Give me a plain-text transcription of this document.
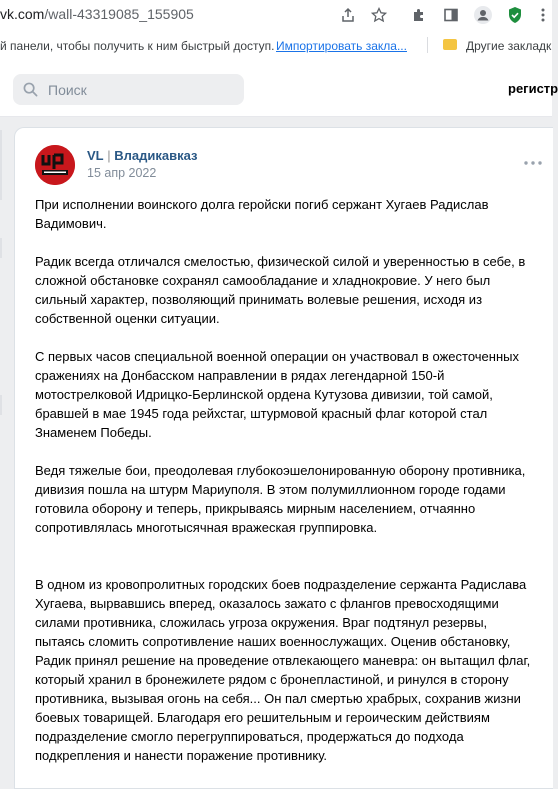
vk.com/wall-43319085_155905
й панели, чтобы получить к ним быстрый доступ. Импортировать закла...	Другие закладк
Поиск	регистр
VL | Владикавказ
15 апр 2022

При исполнении воинского долга геройски погиб сержант Хугаев Радислав

Вадимович.

Радик всегда отличался смелостью, физической силой и уверенностью в себе, в

сложной обстановке сохранял самообладание и хладнокровие. У него был

сильный характер, позволяющий принимать волевые решения, исходя из

собственной оценки ситуации.

С первых часов специальной военной операции он участвовал в ожесточенных

сражениях на Донбасском направлении в рядах легендарной 150-й

мотострелковой Идрицко-Берлинской ордена Кутузова дивизии, той самой,

бравшей в мае 1945 года рейхстаг, штурмовой красный флаг которой стал

Знаменем Победы.

Ведя тяжелые бои, преодолевая глубокоэшелонированную оборону противника,

дивизия пошла на штурм Мариуполя. В этом полумиллионном городе годами

готовила оборону и теперь, прикрываясь мирным населением, отчаянно

сопротивлялась многотысячная вражеская группировка.

В одном из кровопролитных городских боев подразделение сержанта Радислава

Хугаева, вырвавшись вперед, оказалось зажато с флангов превосходящими

силами противника, сложилась угроза окружения. Враг подтянул резервы,

пытаясь сломить сопротивление наших военнослужащих. Оценив обстановку,

Радик принял решение на проведение отвлекающего маневра: он вытащил флаг,

который хранил в бронежилете рядом с бронепластиной, и ринулся в сторону

противника, вызывая огонь на себя... Он пал смертью храбрых, сохранив жизни

боевых товарищей. Благодаря его решительным и героическим действиям

подразделение смогло перегруппироваться, продержаться до подхода

подкрепления и нанести поражение противнику.
